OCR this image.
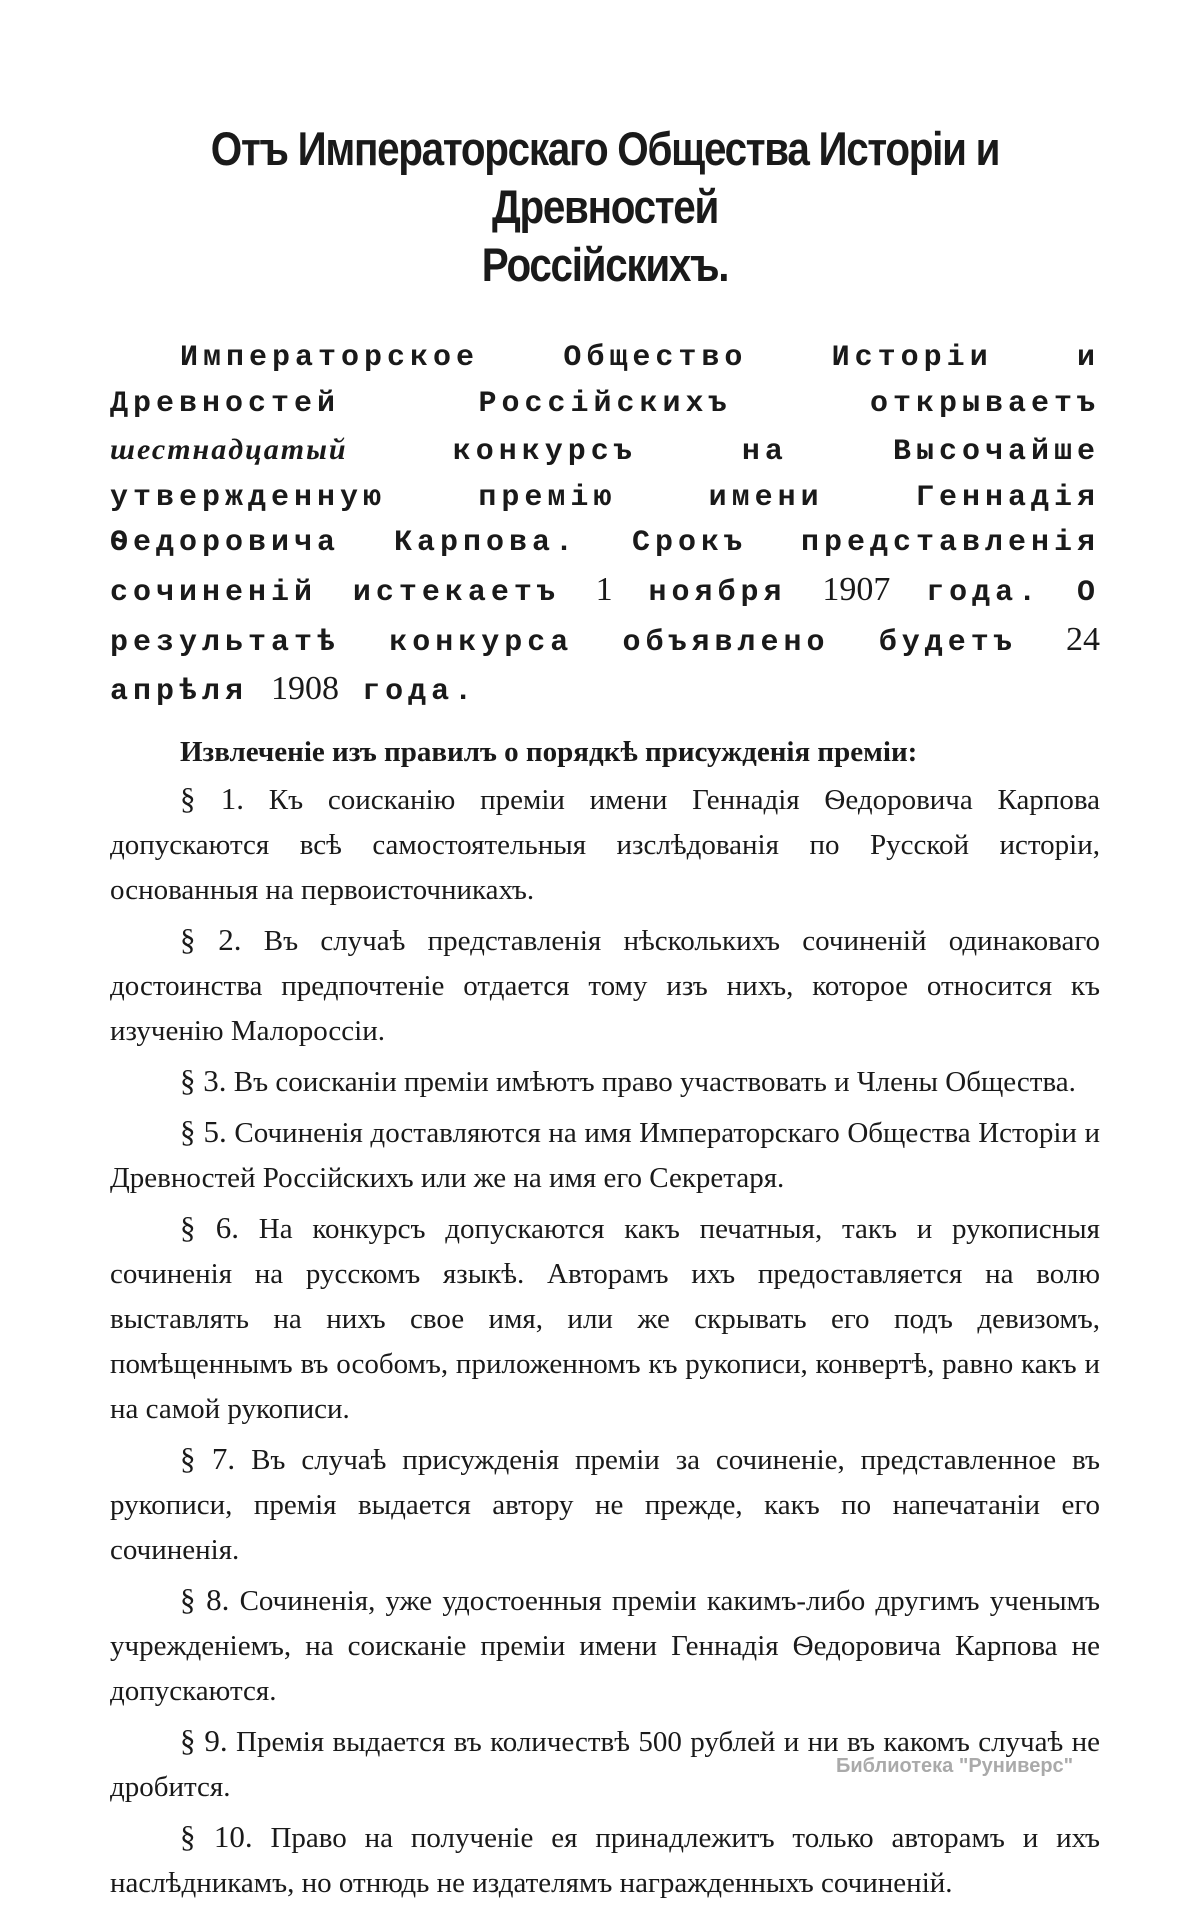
Отъ Императорскаго Общества Исторіи и Древностей
Россійскихъ.

Императорское Общество Исторіи и Древностей Россійскихъ открываетъ шестнадцатый	конкурсъ на Высочайше утвержденную премію имени Геннадія Ѳедоровича Карпова. Срокъ представленія сочиненій истекаетъ 1 ноября 1907 года. О результатѣ конкурса объявлено будетъ 24 апрѣля 1908 года.

Извлеченіе изъ правилъ о порядкѣ присужденія преміи:

§ 1. Къ соисканію преміи имени Геннадія Ѳедоровича Карпова допускаются всѣ самостоятельныя изслѣдованія по Русской исторіи, основанныя на первоисточникахъ.

§ 2. Въ случаѣ представленія нѣсколькихъ сочиненій одинаковаго достоинства предпочтеніе отдается тому изъ нихъ, которое относится къ изученію Малороссіи.

§ 3. Въ соисканіи преміи имѣютъ право участвовать и Члены Общества.

§ 5. Сочиненія доставляются на имя Императорскаго Общества Исторіи и Древностей Россійскихъ или же на имя его Секретаря.

§ 6. На конкурсъ допускаются какъ печатныя, такъ и рукописныя сочиненія на русскомъ языкѣ. Авторамъ ихъ предоставляется на волю выставлять на нихъ свое имя, или же скрывать его подъ девизомъ, помѣщеннымъ въ особомъ, приложенномъ къ рукописи, конвертѣ, равно какъ и на самой рукописи.

§ 7. Въ случаѣ присужденія преміи за сочиненіе, представленное въ рукописи, премія выдается автору не прежде, какъ по напечатаніи его сочиненія.

§ 8. Сочиненія, уже удостоенныя преміи какимъ-либо другимъ ученымъ учрежденіемъ, на соисканіе преміи имени Геннадія Ѳедоровича Карпова не допускаются.

§ 9. Премія выдается въ количествѣ 500 рублей и ни въ какомъ случаѣ не дробится.

§ 10. Право на полученіе ея принадлежитъ только авторамъ и ихъ наслѣдникамъ, но отнюдь не издателямъ награжденныхъ сочиненій.

Библиотека "Руниверс"
